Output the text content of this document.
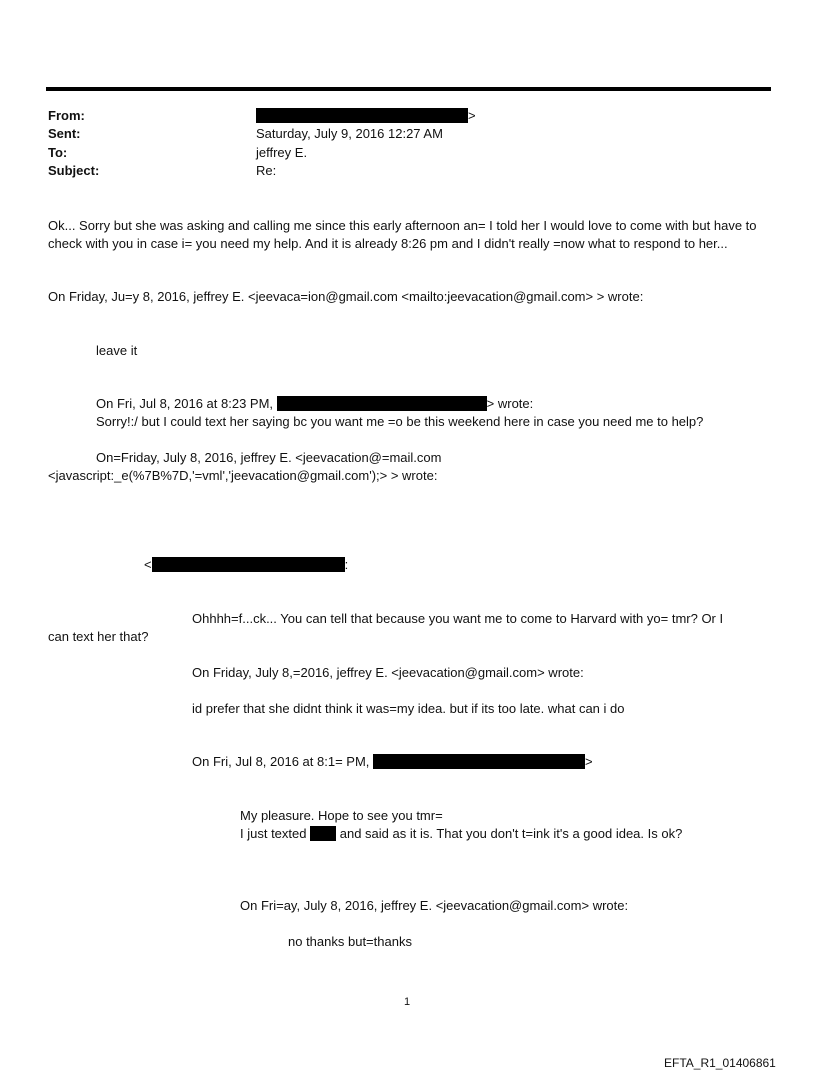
From:	>
Sent:	Saturday, July 9, 2016 12:27 AM
To:	jeffrey E.
Subject:	Re:
Ok... Sorry but she was asking and calling me since this early afternoon an= I told her I would love to come with but have to check with you in case i= you need my help. And it is already 8:26 pm and I didn't really =now what to respond to her...
On Friday, Ju=y 8, 2016, jeffrey E. <jeevaca=ion@gmail.com <mailto:jeevacation@gmail.com> > wrote:
leave it
On Fri, Jul 8, 2016 at 8:23 PM,	> wrote:
Sorry!:/ but I could text her saying bc you want me =o be this weekend here in case you need me to help?
On=Friday, July 8, 2016, jeffrey E. <jeevacation@=mail.com
<javascript:_e(%7B%7D,'=vml','jeevacation@gmail.com');> > wrote:
<	:
Ohhhh=f...ck... You can tell that because you want me to come to Harvard with yo= tmr? Or I
can text her that?
On Friday, July 8,=2016, jeffrey E. <jeevacation@gmail.com> wrote:
id prefer that she didnt think it was=my idea. but if its too late. what can i do
On Fri, Jul 8, 2016 at 8:1= PM,	>
My pleasure. Hope to see you tmr=
I just texted	and said as it is. That you don't t=ink it's a good idea. Is ok?
On Fri=ay, July 8, 2016, jeffrey E. <jeevacation@gmail.com> wrote:
no thanks but=thanks
1
EFTA_R1_01406861
